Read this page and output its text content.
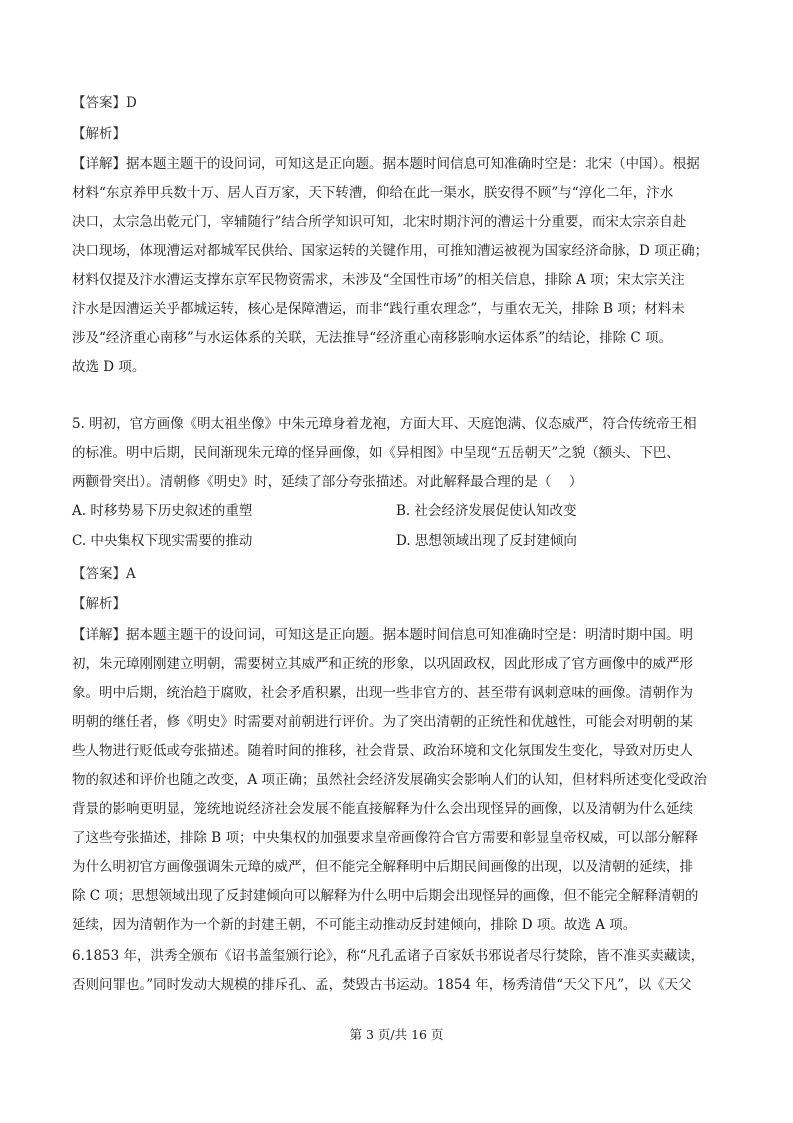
【答案】D
【解析】
【详解】据本题主题干的设问词，可知这是正向题。据本题时间信息可知准确时空是：北宋（中国）。根据
材料“东京养甲兵数十万、居人百万家，天下转漕，仰给在此一渠水，朕安得不顾”与“淳化二年，汴水
决口，太宗急出乾元门，宰辅随行”结合所学知识可知，北宋时期汴河的漕运十分重要，而宋太宗亲自赴
决口现场，体现漕运对都城军民供给、国家运转的关键作用，可推知漕运被视为国家经济命脉，D 项正确；
材料仅提及汴水漕运支撑东京军民物资需求，未涉及“全国性市场”的相关信息，排除 A 项；宋太宗关注
汴水是因漕运关乎都城运转，核心是保障漕运，而非“践行重农理念”，与重农无关，排除 B 项；材料未
涉及“经济重心南移”与水运体系的关联，无法推导“经济重心南移影响水运体系”的结论，排除 C 项。
故选 D 项。
5. 明初，官方画像《明太祖坐像》中朱元璋身着龙袍，方面大耳、天庭饱满、仪态威严，符合传统帝王相
的标准。明中后期，民间渐现朱元璋的怪异画像，如《异相图》中呈现“五岳朝天”之貌（额头、下巴、
两颧骨突出）。清朝修《明史》时，延续了部分夸张描述。对此解释最合理的是（　 ）
A. 时移势易下历史叙述的重塑	B. 社会经济发展促使认知改变
C. 中央集权下现实需要的推动	D. 思想领域出现了反封建倾向
【答案】A
【解析】
【详解】据本题主题干的设问词，可知这是正向题。据本题时间信息可知准确时空是：明清时期中国。明
初，朱元璋刚刚建立明朝，需要树立其威严和正统的形象，以巩固政权，因此形成了官方画像中的威严形
象。明中后期，统治趋于腐败，社会矛盾积累，出现一些非官方的、甚至带有讽刺意味的画像。清朝作为
明朝的继任者，修《明史》时需要对前朝进行评价。为了突出清朝的正统性和优越性，可能会对明朝的某
些人物进行贬低或夸张描述。随着时间的推移，社会背景、政治环境和文化氛围发生变化，导致对历史人
物的叙述和评价也随之改变，A 项正确；虽然社会经济发展确实会影响人们的认知，但材料所述变化受政治
背景的影响更明显，笼统地说经济社会发展不能直接解释为什么会出现怪异的画像，以及清朝为什么延续
了这些夸张描述，排除 B 项；中央集权的加强要求皇帝画像符合官方需要和彰显皇帝权威，可以部分解释
为什么明初官方画像强调朱元璋的威严，但不能完全解释明中后期民间画像的出现，以及清朝的延续，排
除 C 项；思想领域出现了反封建倾向可以解释为什么明中后期会出现怪异的画像，但不能完全解释清朝的
延续，因为清朝作为一个新的封建王朝，不可能主动推动反封建倾向，排除 D 项。故选 A 项。
6.1853 年，洪秀全颁布《诏书盖玺颁行论》，称“凡孔孟诸子百家妖书邪说者尽行焚除，皆不准买卖藏读，
否则问罪也。”同时发动大规模的排斥孔、孟，焚毁古书运动。1854 年，杨秀清借“天父下凡”，以《天父
第 3 页/共 16 页
